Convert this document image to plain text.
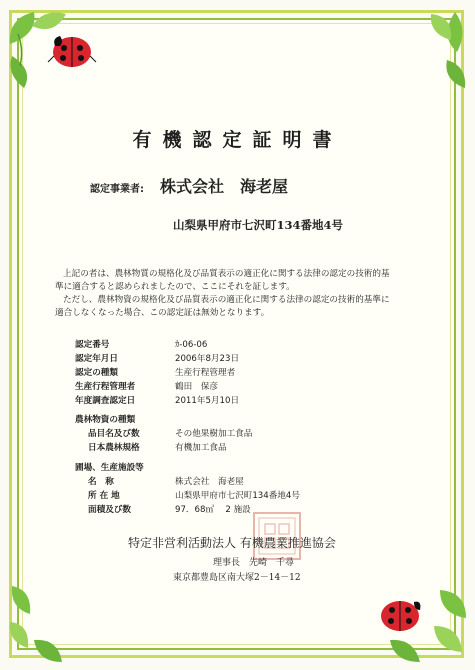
有機認定証明書
認定事業者: 株式会社　海老屋
山梨県甲府市七沢町134番地4号
上記の者は、農林物質の規格化及び品質表示の適正化に関する法律の認定の技術的基
準に適合すると認められましたので、ここにそれを証します。
ただし、農林物資の規格化及び品質表示の適正化に関する法律の認定の技術的基準に
適合しなくなった場合、この認定証は無効となります。
認定番号	ｶ-06-06
認定年月日	2006年8月23日
認定の種類	生産行程管理者
生産行程管理者	鶴田　保彦
年度調査認定日	2011年5月10日
農林物資の種類
品目名及び数	その他果樹加工食品
日本農林規格	有機加工食品
圃場、生産施設等
名　称	株式会社　海老屋
所 在 地	山梨県甲府市七沢町134番地4号
面積及び数	97．68㎡　 2 施設
特定非営利活動法人 有機農業推進協会
理事長　先崎　千尋
東京都豊島区南大塚2－14－12
